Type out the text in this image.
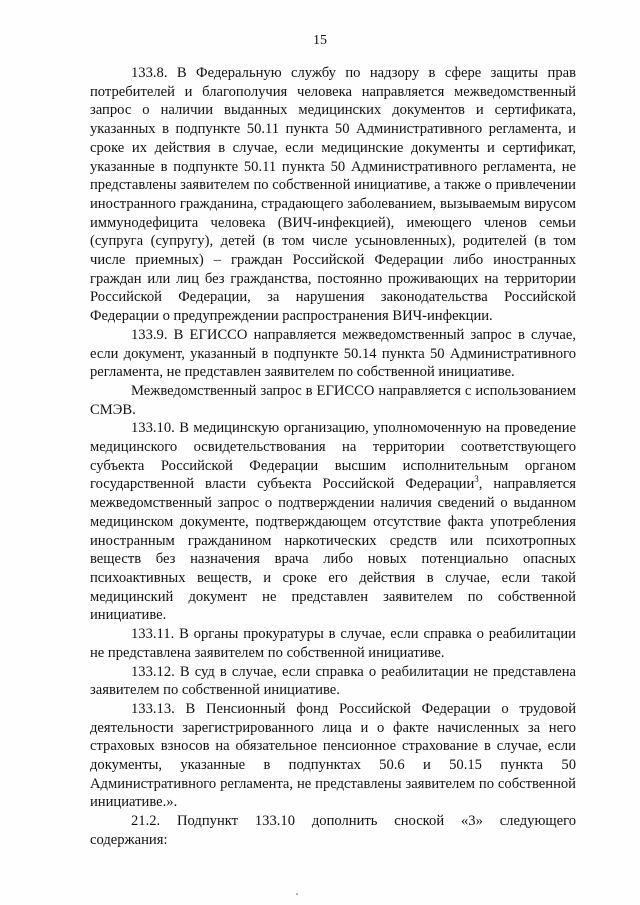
15

133.8. В Федеральную службу по надзору в сфере защиты прав потребителей и благополучия человека направляется межведомственный запрос о наличии выданных медицинских документов и сертификата, указанных в подпункте 50.11 пункта 50 Административного регламента, и сроке их действия в случае, если медицинские документы и сертификат, указанные в подпункте 50.11 пункта 50 Административного регламента, не представлены заявителем по собственной инициативе, а также о привлечении иностранного гражданина, страдающего заболеванием, вызываемым вирусом иммунодефицита человека (ВИЧ-инфекцией), имеющего членов семьи (супруга (супругу), детей (в том числе усыновленных), родителей (в том числе приемных) – граждан Российской Федерации либо иностранных граждан или лиц без гражданства, постоянно проживающих на территории Российской Федерации, за нарушения законодательства Российской Федерации о предупреждении распространения ВИЧ-инфекции.

133.9. В ЕГИССО направляется межведомственный запрос в случае, если документ, указанный в подпункте 50.14 пункта 50 Административного регламента, не представлен заявителем по собственной инициативе.

Межведомственный запрос в ЕГИССО направляется с использованием СМЭВ.

133.10. В медицинскую организацию, уполномоченную на проведение медицинского освидетельствования на территории соответствующего субъекта Российской Федерации высшим исполнительным органом государственной власти субъекта Российской Федерации$^3$, направляется межведомственный запрос о подтверждении наличия сведений о выданном медицинском документе, подтверждающем отсутствие факта употребления иностранным гражданином наркотических средств или психотропных веществ без назначения врача либо новых потенциально опасных психоактивных веществ, и сроке его действия в случае, если такой медицинский документ не представлен заявителем по собственной инициативе.

133.11. В органы прокуратуры в случае, если справка о реабилитации не представлена заявителем по собственной инициативе.

133.12. В суд в случае, если справка о реабилитации не представлена заявителем по собственной инициативе.

133.13. В Пенсионный фонд Российской Федерации о трудовой деятельности зарегистрированного лица и о факте начисленных за него страховых взносов на обязательное пенсионное страхование в случае, если документы, указанные в подпунктах 50.6 и 50.15 пункта 50 Административного регламента, не представлены заявителем по собственной инициативе.».

21.2. Подпункт 133.10 дополнить сноской «3» следующего содержания:
